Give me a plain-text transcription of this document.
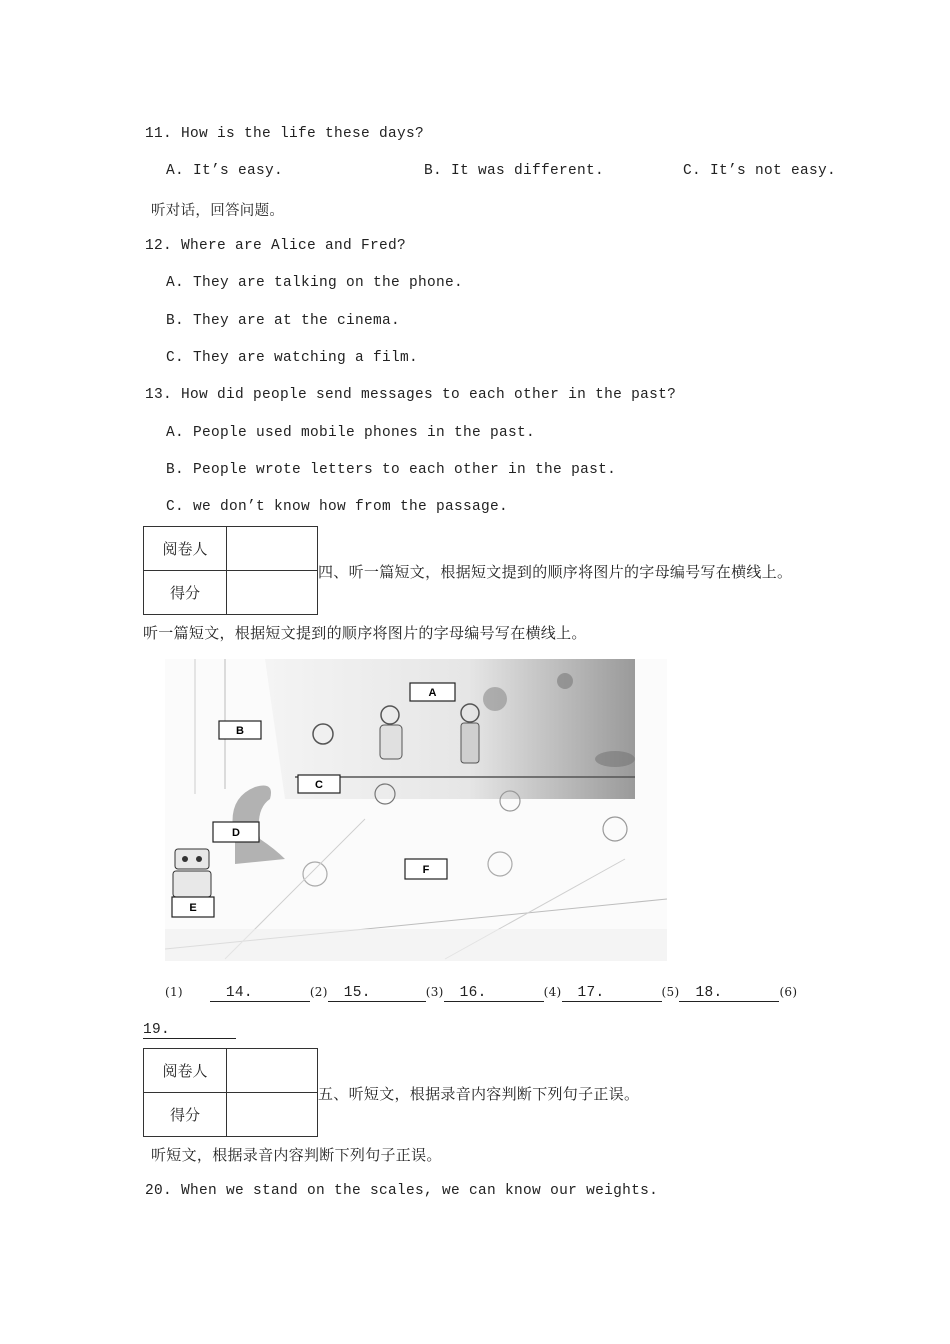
11. How is the life these days?
A. It’s easy.	B. It was different.	C. It’s not easy.
听对话，回答问题。
12. Where are Alice and Fred?
A. They are talking on the phone.
B. They are at the cinema.
C. They are watching a film.
13. How did people send messages to each other in the past?
A. People used mobile phones in the past.
B. People wrote letters to each other in the past.
C. we don’t know how from the passage.
阅卷人	
得分	
四、听一篇短文，根据短文提到的顺序将图片的字母编号写在横线上。
听一篇短文，根据短文提到的顺序将图片的字母编号写在横线上。
A
B
C
D
E
F
(1)	14.	(2) 15.	(3) 16.	(4) 17.	(5) 18.	(6)
19.
阅卷人	
得分	
五、听短文，根据录音内容判断下列句子正误。
听短文，根据录音内容判断下列句子正误。
20. When we stand on the scales, we can know our weights.
